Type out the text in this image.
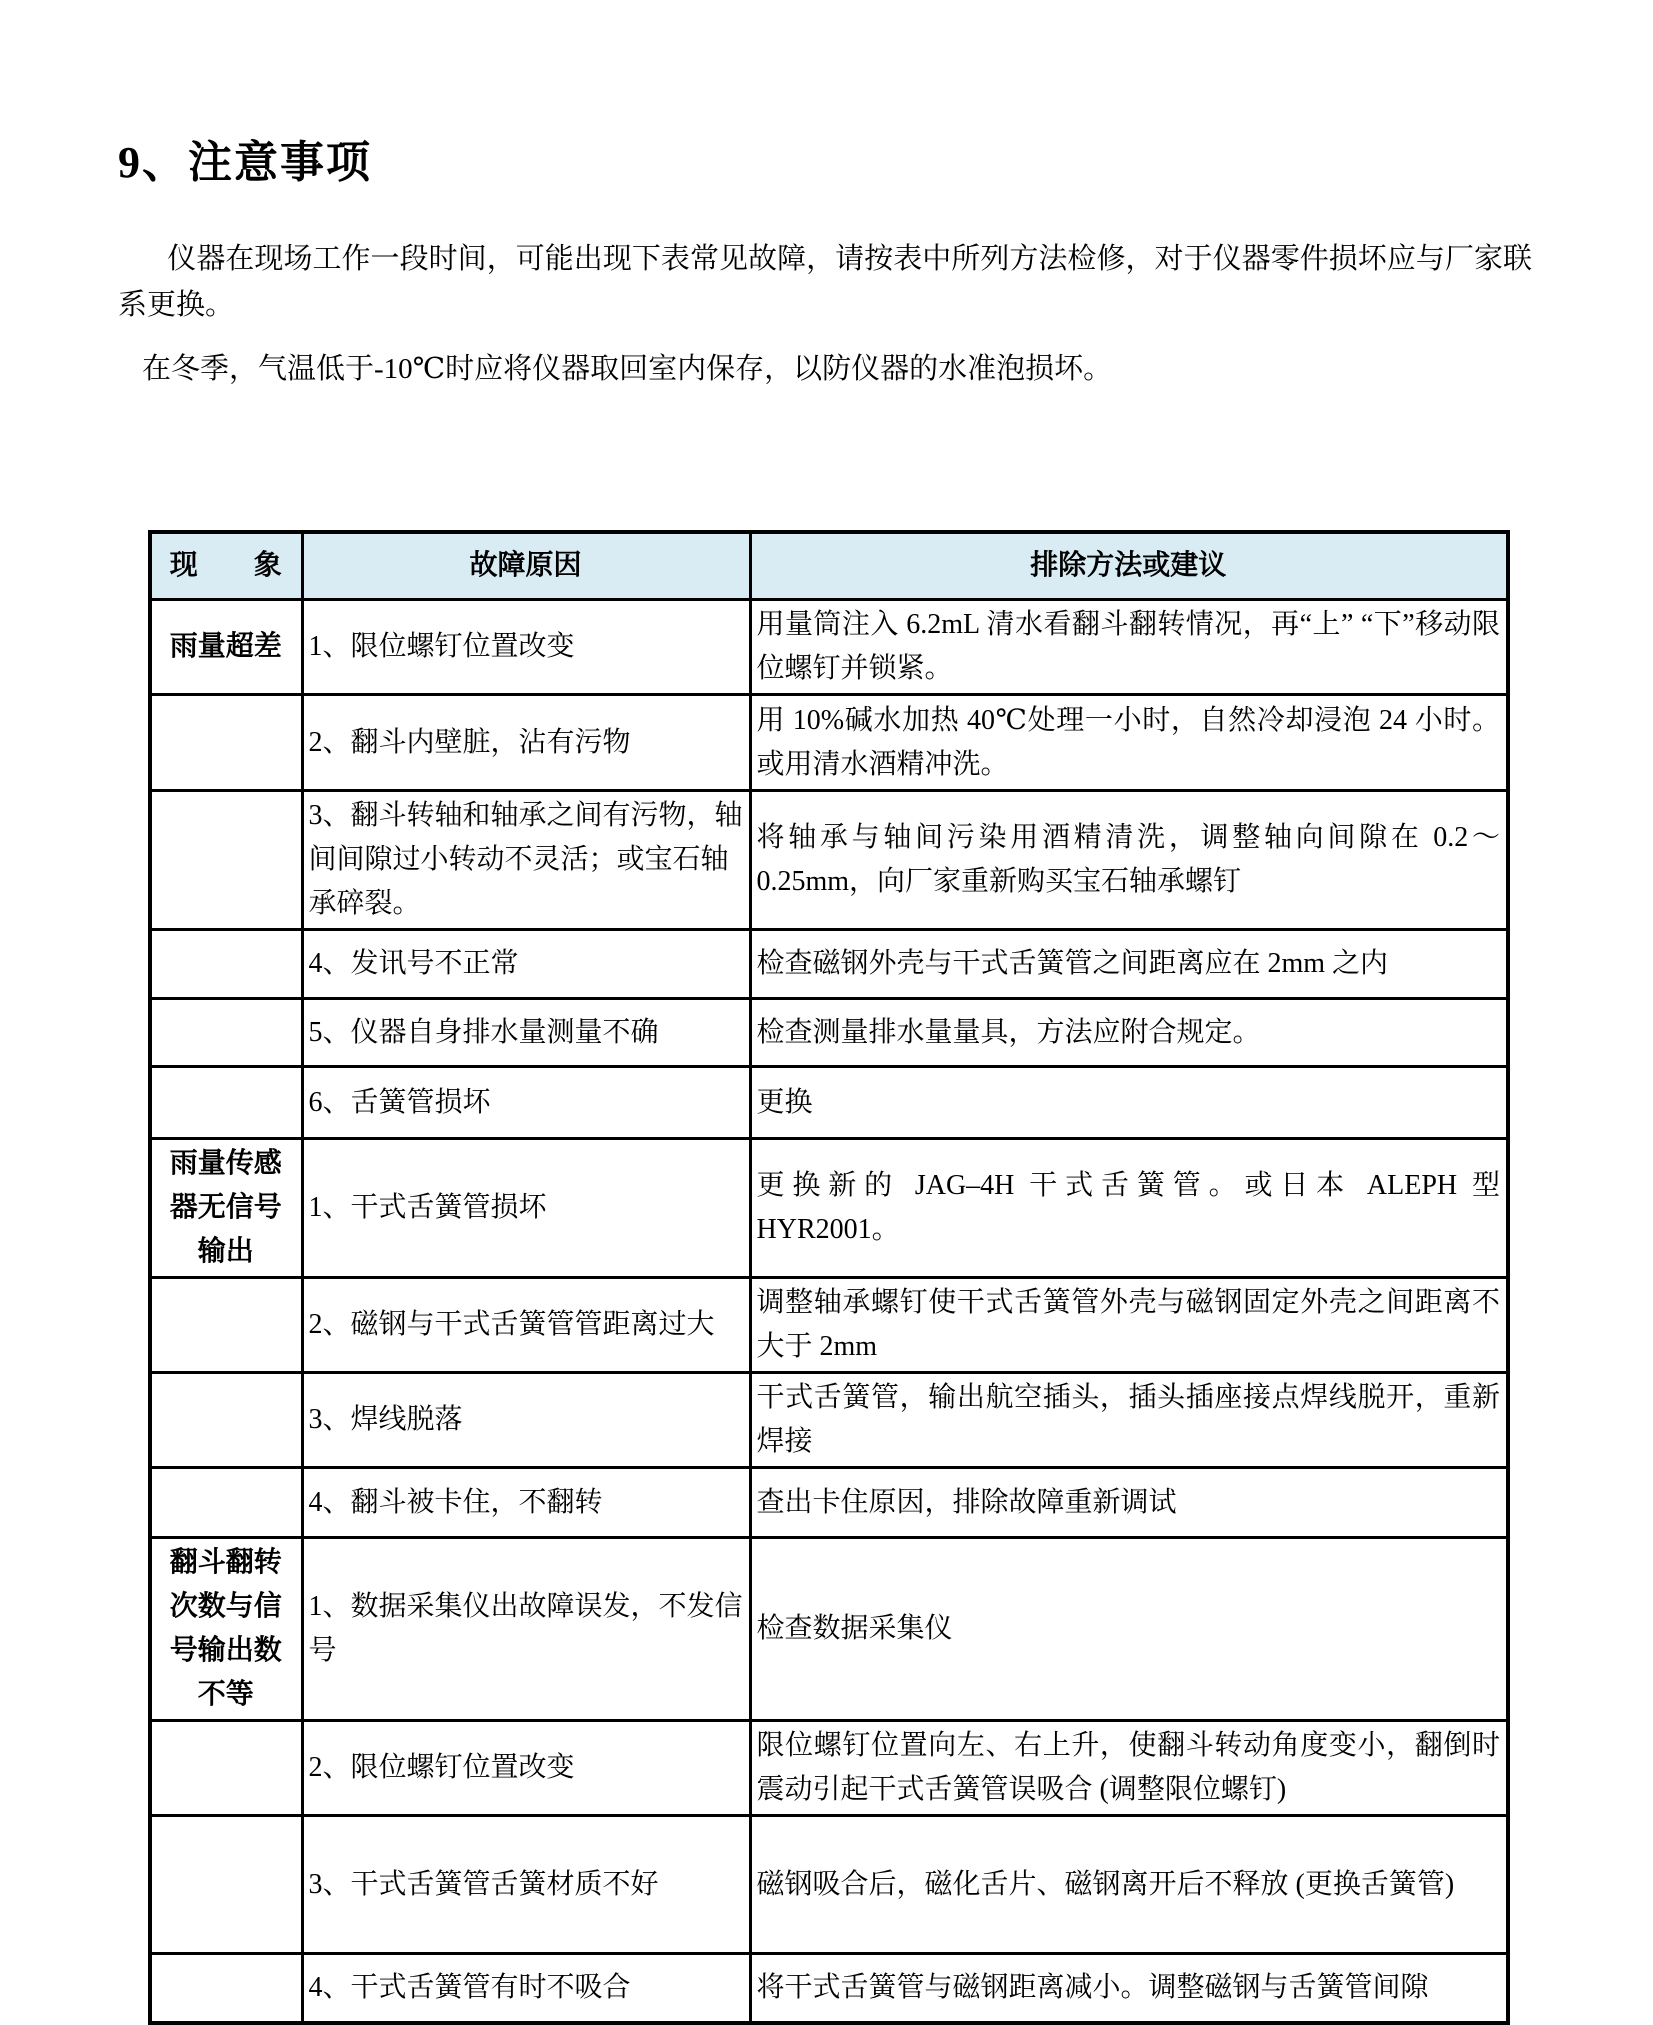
9、注意事项

仪器在现场工作一段时间，可能出现下表常见故障，请按表中所列方法检修，对于仪器零件损坏应与厂家联系更换。

在冬季，气温低于-10℃时应将仪器取回室内保存，以防仪器的水准泡损坏。

现　　象	故障原因	排除方法或建议
雨量超差	1、限位螺钉位置改变	用量筒注入 6.2mL 清水看翻斗翻转情况，再“上” “下”移动限位螺钉并锁紧。
	2、翻斗内壁脏，沾有污物	用 10%碱水加热 40℃处理一小时，自然冷却浸泡 24 小时。或用清水酒精冲洗。
	3、翻斗转轴和轴承之间有污物，轴间间隙过小转动不灵活；或宝石轴承碎裂。	将轴承与轴间污染用酒精清洗，调整轴向间隙在 0.2～0.25mm，向厂家重新购买宝石轴承螺钉
	4、发讯号不正常	检查磁钢外壳与干式舌簧管之间距离应在 2mm 之内
	5、仪器自身排水量测量不确	检查测量排水量量具，方法应附合规定。
	6、舌簧管损坏	更换
雨量传感器无信号输出	1、干式舌簧管损坏	更换新的 JAG–4H 干式舌簧管。或日本 ALEPH 型 HYR2001。
	2、磁钢与干式舌簧管管距离过大	调整轴承螺钉使干式舌簧管外壳与磁钢固定外壳之间距离不大于 2mm
	3、焊线脱落	干式舌簧管，输出航空插头，插头插座接点焊线脱开，重新焊接
	4、翻斗被卡住，不翻转	查出卡住原因，排除故障重新调试
翻斗翻转次数与信号输出数不等	1、数据采集仪出故障误发，不发信号	检查数据采集仪
	2、限位螺钉位置改变	限位螺钉位置向左、右上升，使翻斗转动角度变小，翻倒时震动引起干式舌簧管误吸合 (调整限位螺钉)
	3、干式舌簧管舌簧材质不好	磁钢吸合后，磁化舌片、磁钢离开后不释放 (更换舌簧管)
	4、干式舌簧管有时不吸合	将干式舌簧管与磁钢距离减小。调整磁钢与舌簧管间隙
